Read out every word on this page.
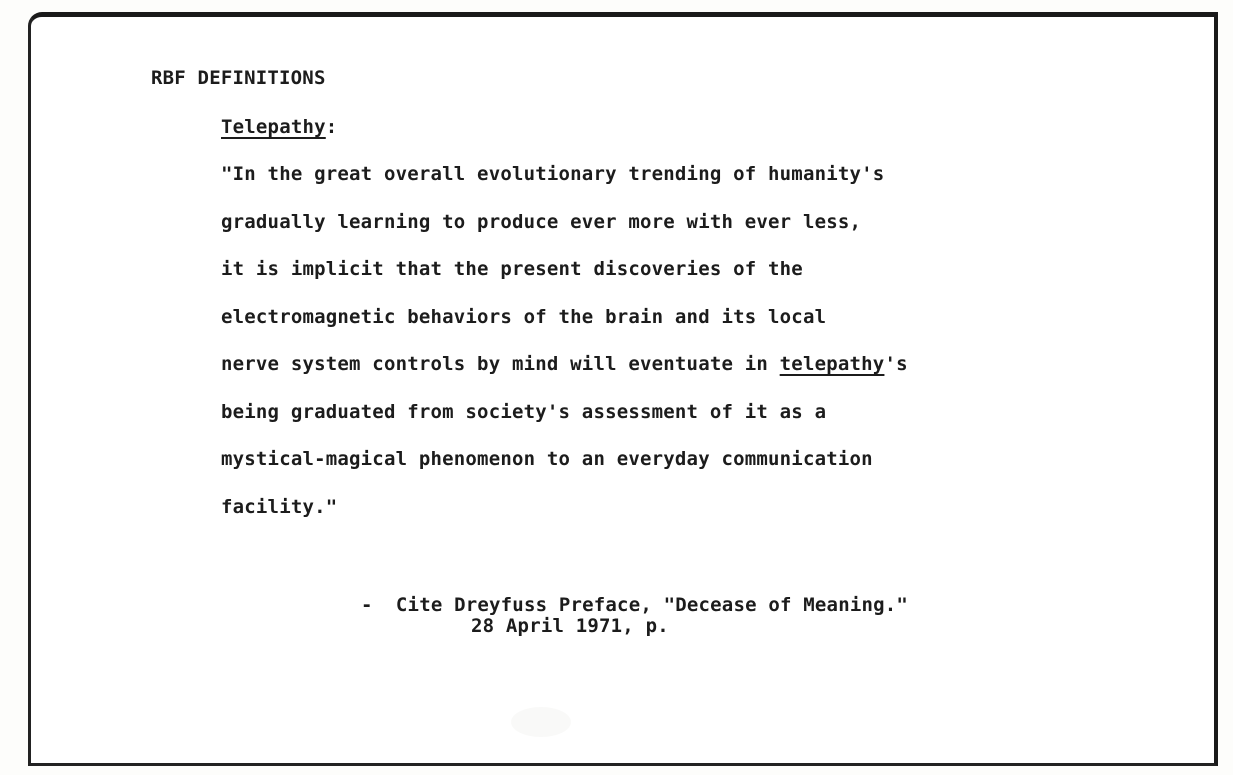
RBF DEFINITIONS
Telepathy:
"In the great overall evolutionary trending of humanity's
gradually learning to produce ever more with ever less,
it is implicit that the present discoveries of the
electromagnetic behaviors of the brain and its local
nerve system controls by mind will eventuate in telepathy's
being graduated from society's assessment of it as a
mystical-magical phenomenon to an everyday communication
facility."
-  Cite Dreyfuss Preface, "Decease of Meaning."
28 April 1971, p.
